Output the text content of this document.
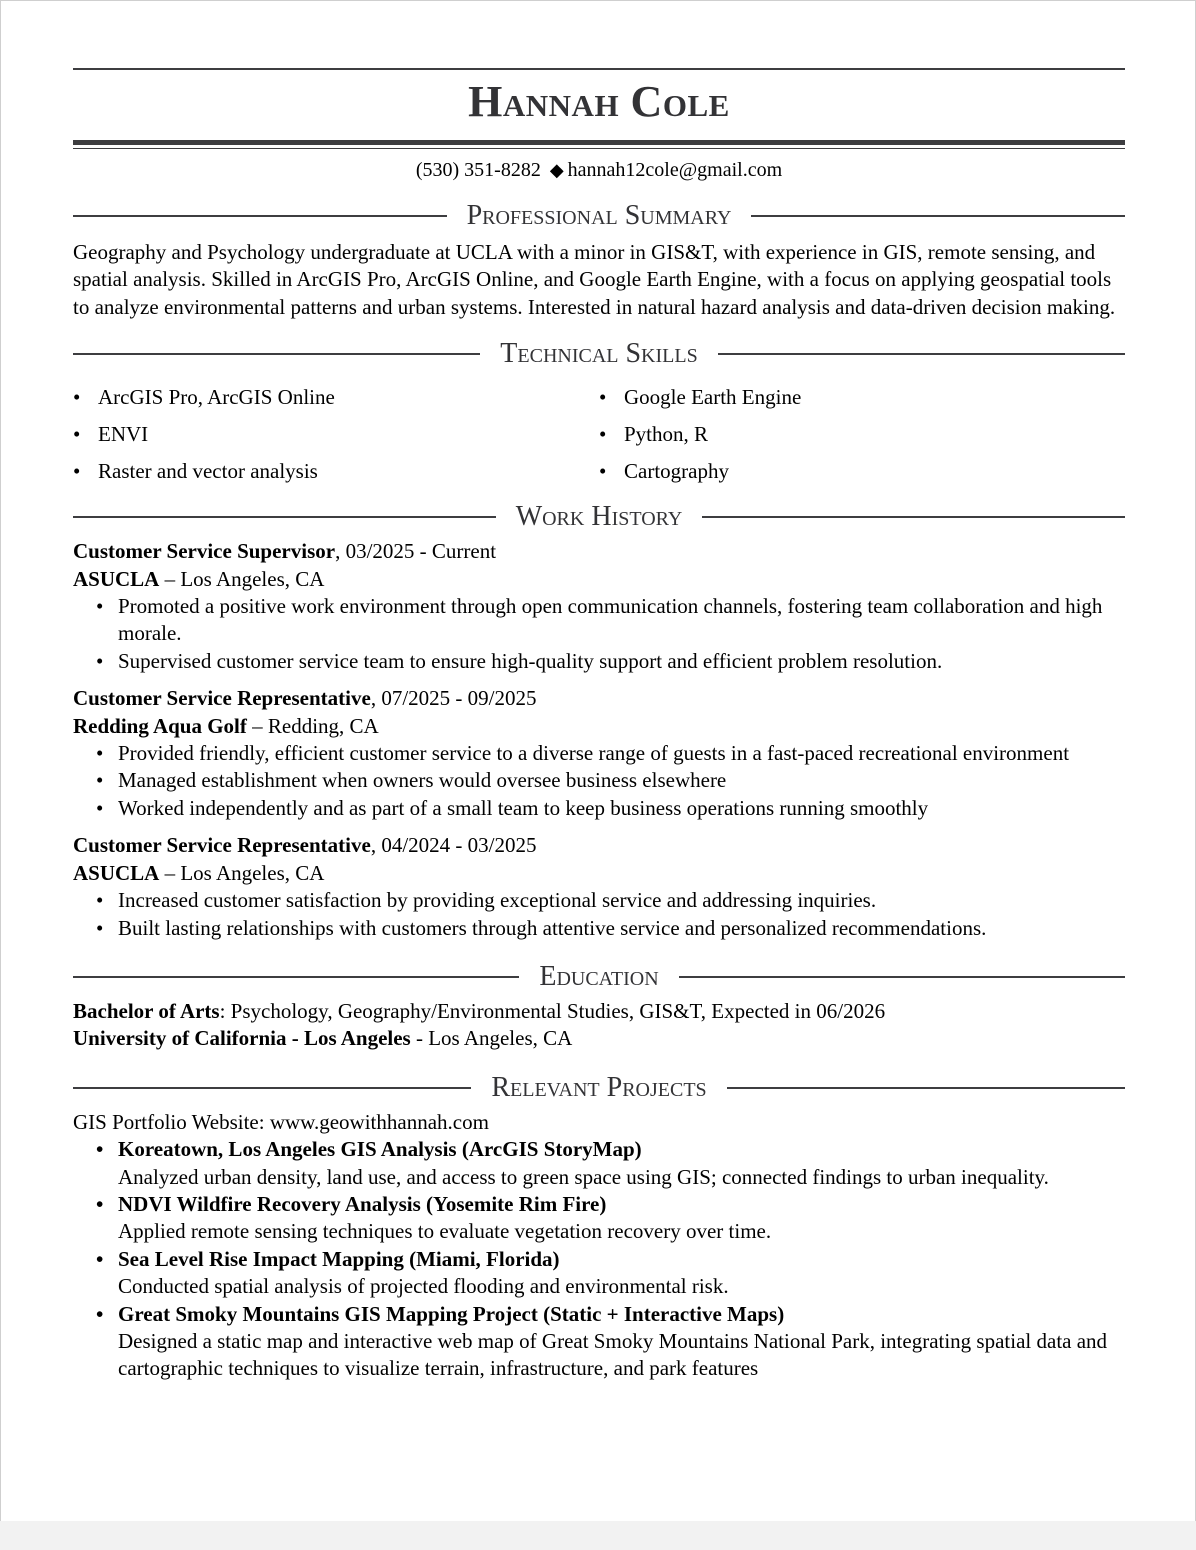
Hannah Cole
(530) 351-8282 ◆ hannah12cole@gmail.com
Professional Summary
Geography and Psychology undergraduate at UCLA with a minor in GIS&T, with experience in GIS, remote sensing, and spatial analysis. Skilled in ArcGIS Pro, ArcGIS Online, and Google Earth Engine, with a focus on applying geospatial tools to analyze environmental patterns and urban systems. Interested in natural hazard analysis and data-driven decision making.
Technical Skills
• ArcGIS Pro, ArcGIS Online
• ENVI
• Raster and vector analysis
• Google Earth Engine
• Python, R
• Cartography
Work History
Customer Service Supervisor, 03/2025 - Current
ASUCLA – Los Angeles, CA
• Promoted a positive work environment through open communication channels, fostering team collaboration and high morale.
• Supervised customer service team to ensure high-quality support and efficient problem resolution.
Customer Service Representative, 07/2025 - 09/2025
Redding Aqua Golf – Redding, CA
• Provided friendly, efficient customer service to a diverse range of guests in a fast-paced recreational environment
• Managed establishment when owners would oversee business elsewhere
• Worked independently and as part of a small team to keep business operations running smoothly
Customer Service Representative, 04/2024 - 03/2025
ASUCLA – Los Angeles, CA
• Increased customer satisfaction by providing exceptional service and addressing inquiries.
• Built lasting relationships with customers through attentive service and personalized recommendations.
Education
Bachelor of Arts: Psychology, Geography/Environmental Studies, GIS&T, Expected in 06/2026
University of California - Los Angeles - Los Angeles, CA
Relevant Projects
GIS Portfolio Website: www.geowithhannah.com
• Koreatown, Los Angeles GIS Analysis (ArcGIS StoryMap)
Analyzed urban density, land use, and access to green space using GIS; connected findings to urban inequality.
• NDVI Wildfire Recovery Analysis (Yosemite Rim Fire)
Applied remote sensing techniques to evaluate vegetation recovery over time.
• Sea Level Rise Impact Mapping (Miami, Florida)
Conducted spatial analysis of projected flooding and environmental risk.
• Great Smoky Mountains GIS Mapping Project (Static + Interactive Maps)
Designed a static map and interactive web map of Great Smoky Mountains National Park, integrating spatial data and cartographic techniques to visualize terrain, infrastructure, and park features
